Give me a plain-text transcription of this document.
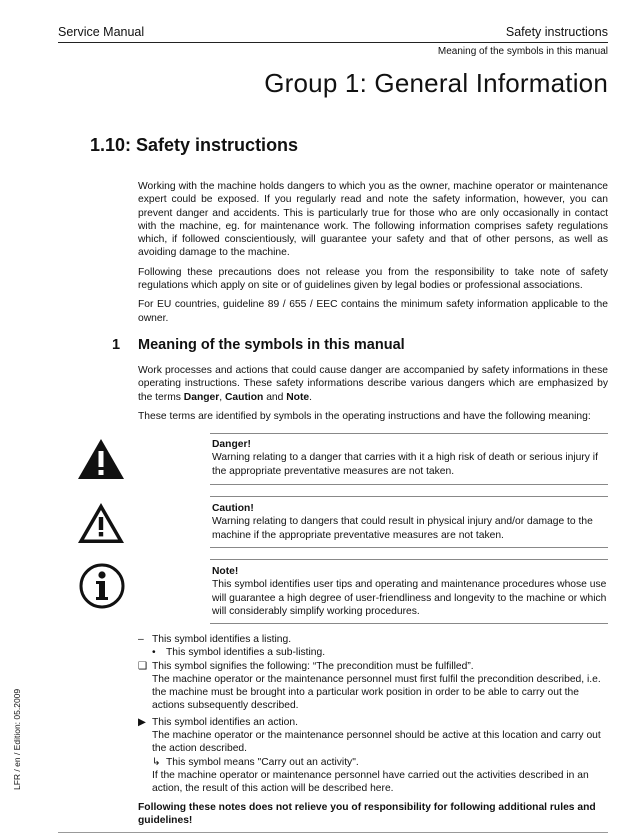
Service Manual	Safety instructions
Meaning of the symbols in this manual
Group 1: General Information
1.10: Safety instructions

Working with the machine holds dangers to which you as the owner, machine operator or maintenance expert could be exposed. If you regularly read and note the safety information, however, you can prevent danger and accidents. This is particularly true for those who are only occasionally in contact with the machine, eg. for maintenance work. The following information comprises safety regulations which, if followed conscientiously, will guarantee your safety and that of other persons, as well as avoiding damage to the machine.

Following these precautions does not release you from the responsibility to take note of safety regulations which apply on site or of guidelines given by legal bodies or professional associations.

For EU countries, guideline 89 / 655 / EEC contains the minimum safety information applicable to the owner.

1 Meaning of the symbols in this manual

Work processes and actions that could cause danger are accompanied by safety informations in these operating instructions. These safety informations describe various dangers which are emphasized by the terms Danger, Caution and Note.

These terms are identified by symbols in the operating instructions and have the following meaning:

Danger!
Warning relating to a danger that carries with it a high risk of death or serious injury if the appropriate preventative measures are not taken.
Caution!
Warning relating to dangers that could result in physical injury and/or damage to the machine if the appropriate preventative measures are not taken.
Note!
This symbol identifies user tips and operating and maintenance procedures whose use will guarantee a high degree of user-friendliness and longevity to the machine or which will considerably simplify working procedures.
– This symbol identifies a listing.
•	This symbol identifies a sub-listing.
❑ This symbol signifies the following: “The precondition must be fulfilled”.
The machine operator or the maintenance personnel must first fulfil the precondition described, i.e. the machine must be brought into a particular work position in order to be able to carry out the actions subsequently described.
▶ This symbol identifies an action.
The machine operator or the maintenance personnel should be active at this location and carry out the action described.
↳ This symbol means "Carry out an activity".
If the machine operator or maintenance personnel have carried out the activities described in an action, the result of this action will be described here.
Following these notes does not relieve you of responsibility for following additional rules and guidelines!
LFR / en / Edition: 05.2009
